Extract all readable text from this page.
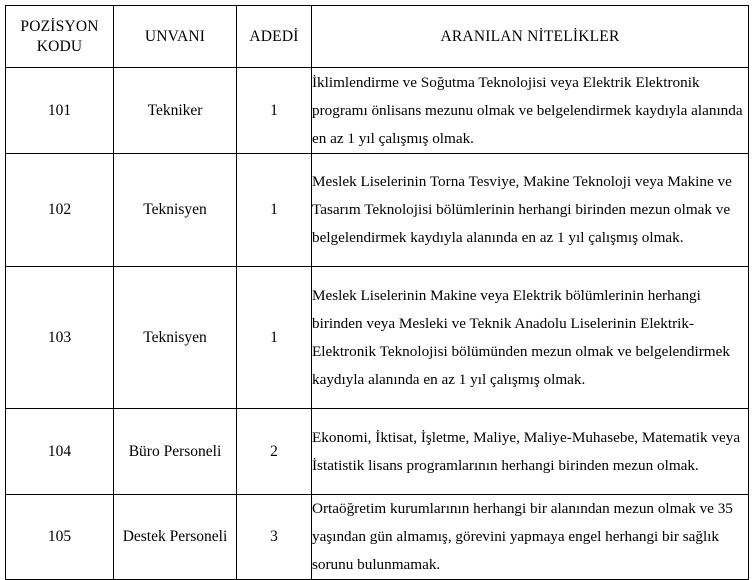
POZİSYON KODU	UNVANI	ADEDİ	ARANILAN NİTELİKLER
101	Tekniker	1	İklimlendirme ve Soğutma Teknolojisi veya Elektrik Elektronik programı önlisans mezunu olmak ve belgelendirmek kaydıyla alanında en az 1 yıl çalışmış olmak.
102	Teknisyen	1	Meslek Liselerinin Torna Tesviye, Makine Teknoloji veya Makine ve Tasarım Teknolojisi bölümlerinin herhangi birinden mezun olmak ve belgelendirmek kaydıyla alanında en az 1 yıl çalışmış olmak.
103	Teknisyen	1	Meslek Liselerinin Makine veya Elektrik bölümlerinin herhangi birinden veya Mesleki ve Teknik Anadolu Liselerinin Elektrik-Elektronik Teknolojisi bölümünden mezun olmak ve belgelendirmek kaydıyla alanında en az 1 yıl çalışmış olmak.
104	Büro Personeli	2	Ekonomi, İktisat, İşletme, Maliye, Maliye-Muhasebe, Matematik veya İstatistik lisans programlarının herhangi birinden mezun olmak.
105	Destek Personeli	3	Ortaöğretim kurumlarının herhangi bir alanından mezun olmak ve 35 yaşından gün almamış, görevini yapmaya engel herhangi bir sağlık sorunu bulunmamak.
